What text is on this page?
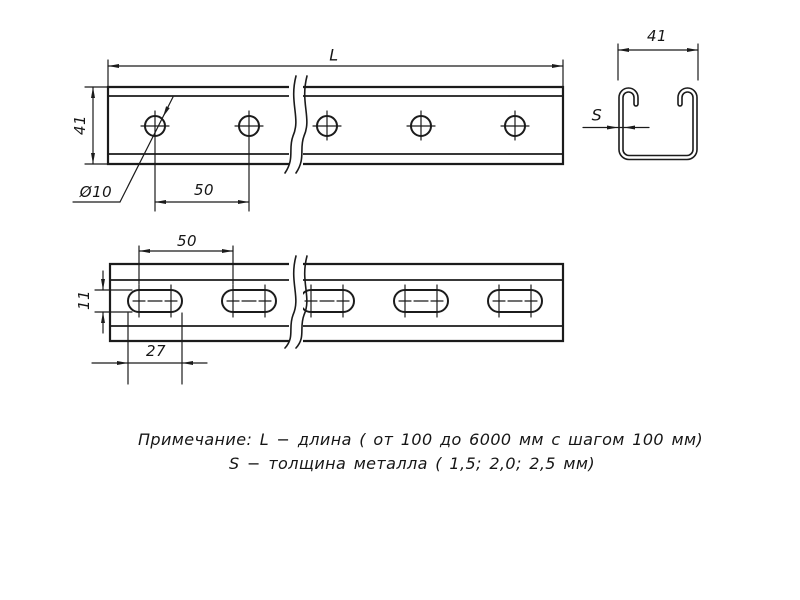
L
41
Ø10	50
50
11
27
41
S
Примечание: L − длина ( от 100 до 6000 мм с шагом 100 мм)
S − толщина металла ( 1,5; 2,0; 2,5 мм)
